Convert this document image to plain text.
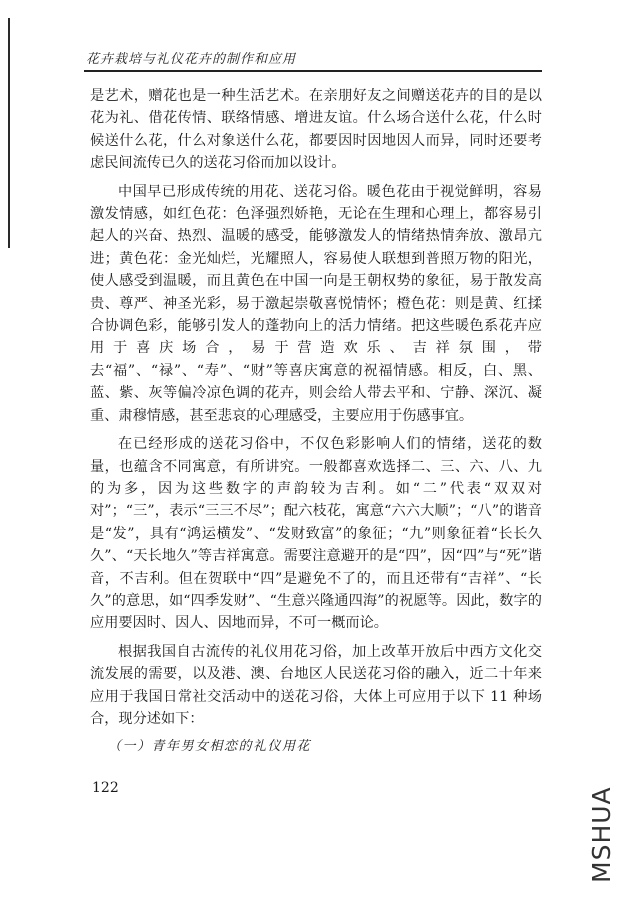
花卉栽培与礼仪花卉的制作和应用

是艺术，赠花也是一种生活艺术。在亲朋好友之间赠送花卉的目的是以花为礼、借花传情、联络情感、增进友谊。什么场合送什么花，什么时候送什么花，什么对象送什么花，都要因时因地因人而异，同时还要考虑民间流传已久的送花习俗而加以设计。

中国早已形成传统的用花、送花习俗。暖色花由于视觉鲜明，容易激发情感，如红色花：色泽强烈娇艳，无论在生理和心理上，都容易引起人的兴奋、热烈、温暖的感受，能够激发人的情绪热情奔放、激昂亢进；黄色花：金光灿烂，光耀照人，容易使人联想到普照万物的阳光，使人感受到温暖，而且黄色在中国一向是王朝权势的象征，易于散发高贵、尊严、神圣光彩，易于激起崇敬喜悦情怀；橙色花：则是黄、红揉合协调色彩，能够引发人的蓬勃向上的活力情绪。把这些暖色系花卉应用于喜庆场合，易于营造欢乐、吉祥氛围，带去“福”、“禄”、“寿”、“财”等喜庆寓意的祝福情感。相反，白、黑、蓝、紫、灰等偏冷凉色调的花卉，则会给人带去平和、宁静、深沉、凝重、肃穆情感，甚至悲哀的心理感受，主要应用于伤感事宜。

在已经形成的送花习俗中，不仅色彩影响人们的情绪，送花的数量，也蕴含不同寓意，有所讲究。一般都喜欢选择二、三、六、八、九的为多，因为这些数字的声韵较为吉利。如“二”代表“双双对对”；“三”，表示“三三不尽”；配六枝花，寓意“六六大顺”；“八”的谐音是“发”，具有“鸿运横发”、“发财致富”的象征；“九”则象征着“长长久久”、“天长地久”等吉祥寓意。需要注意避开的是“四”，因“四”与“死”谐音，不吉利。但在贺联中“四”是避免不了的，而且还带有“吉祥”、“长久”的意思，如“四季发财”、“生意兴隆通四海”的祝愿等。因此，数字的应用要因时、因人、因地而异，不可一概而论。

根据我国自古流传的礼仪用花习俗，加上改革开放后中西方文化交流发展的需要，以及港、澳、台地区人民送花习俗的融入，近二十年来应用于我国日常社交活动中的送花习俗，大体上可应用于以下 11 种场合，现分述如下：

（一）青年男女相恋的礼仪用花
122	MSHUA
